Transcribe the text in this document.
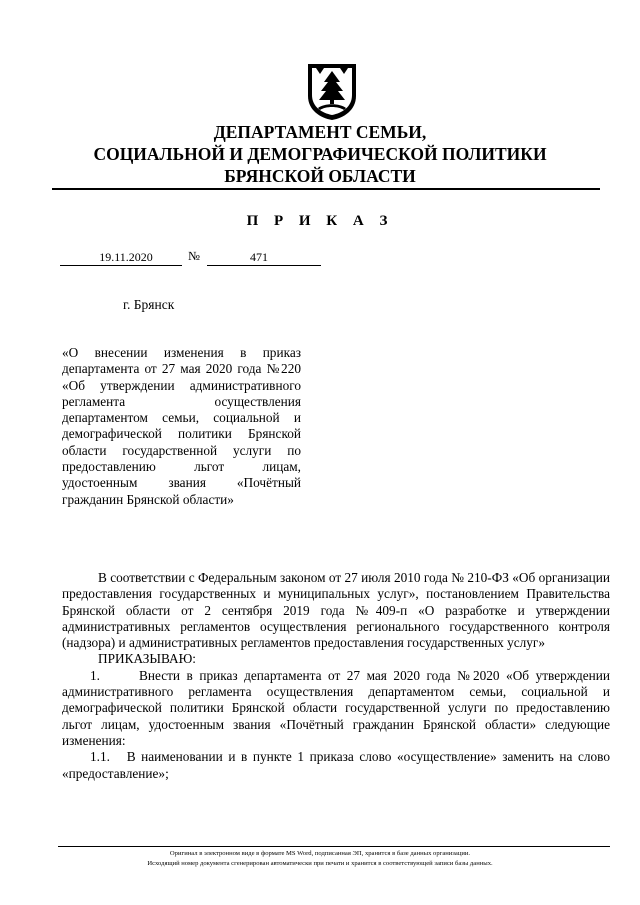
ДЕПАРТАМЕНТ СЕМЬИ,
СОЦИАЛЬНОЙ И ДЕМОГРАФИЧЕСКОЙ ПОЛИТИКИ
БРЯНСКОЙ ОБЛАСТИ
П Р И К А З
19.11.2020	№	471
г. Брянск
«О внесении изменения в приказ департамента от 27 мая 2020 года №220 «Об утверждении административного регламента осуществления департаментом семьи, социальной и демографической политики Брянской области государственной услуги по предоставлению льгот лицам, удостоенным звания «Почётный гражданин Брянской области»

В соответствии с Федеральным законом от 27 июля 2010 года № 210-ФЗ «Об организации предоставления государственных и муниципальных услуг», постановлением Правительства Брянской области от 2 сентября 2019 года №409-п «О разработке и утверждении административных регламентов осуществления регионального государственного контроля (надзора) и административных регламентов предоставления государственных услуг»

ПРИКАЗЫВАЮ:

1.      Внести в приказ департамента от 27 мая 2020 года №2020 «Об утверждении административного регламента осуществления департаментом семьи, социальной и демографической политики Брянской области государственной услуги по предоставлению льгот лицам, удостоенным звания «Почётный гражданин Брянской области» следующие изменения:

1.1.   В наименовании и в пункте 1 приказа слово «осуществление» заменить на слово «предоставление»;

Оригинал в электронном виде в формате MS Word, подписанная ЭП, хранится в базе данных организации.
Исходящий номер документа сгенерирован автоматически при печати и хранится в соответствующей записи базы данных.
